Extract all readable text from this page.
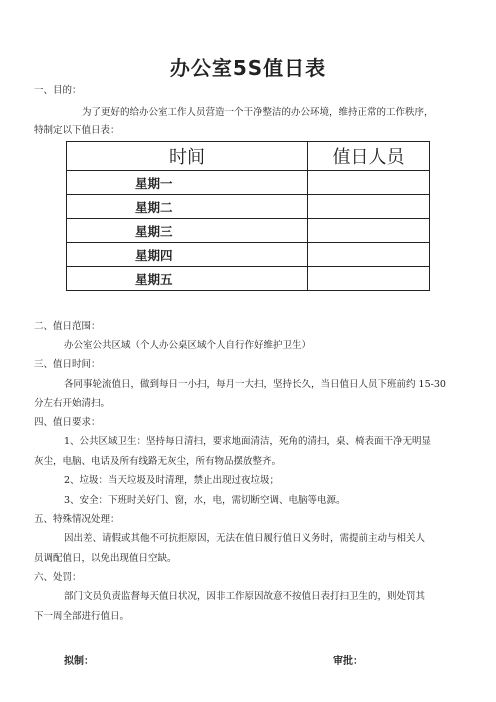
办公室5S值日表
一、目的：
为了更好的给办公室工作人员营造一个干净整洁的办公环境，维持正常的工作秩序，
特制定以下值日表：
时间	值日人员
星期一	
星期二	
星期三	
星期四	
星期五	
二、值日范围：
办公室公共区域（个人办公桌区域个人自行作好维护卫生）
三、值日时间：
各同事轮流值日，做到每日一小扫，每月一大扫，坚持长久，当日值日人员下班前约 15-30
分左右开始清扫。
四、值日要求：
1、公共区域卫生：坚持每日清扫，要求地面清洁，死角的清扫，桌、椅表面干净无明显
灰尘，电脑、电话及所有线路无灰尘，所有物品摆放整齐。
2、垃圾：当天垃圾及时清理，禁止出现过夜垃圾；
3、安全：下班时关好门、窗，水，电，需切断空调、电脑等电源。
五、特殊情况处理：
因出差、请假或其他不可抗拒原因，无法在值日履行值日义务时，需提前主动与相关人
员调配值日，以免出现值日空缺。
六、处罚：
部门文员负责监督每天值日状况，因非工作原因故意不按值日表打扫卫生的，则处罚其
下一周全部进行值日。
拟制：	审批：
